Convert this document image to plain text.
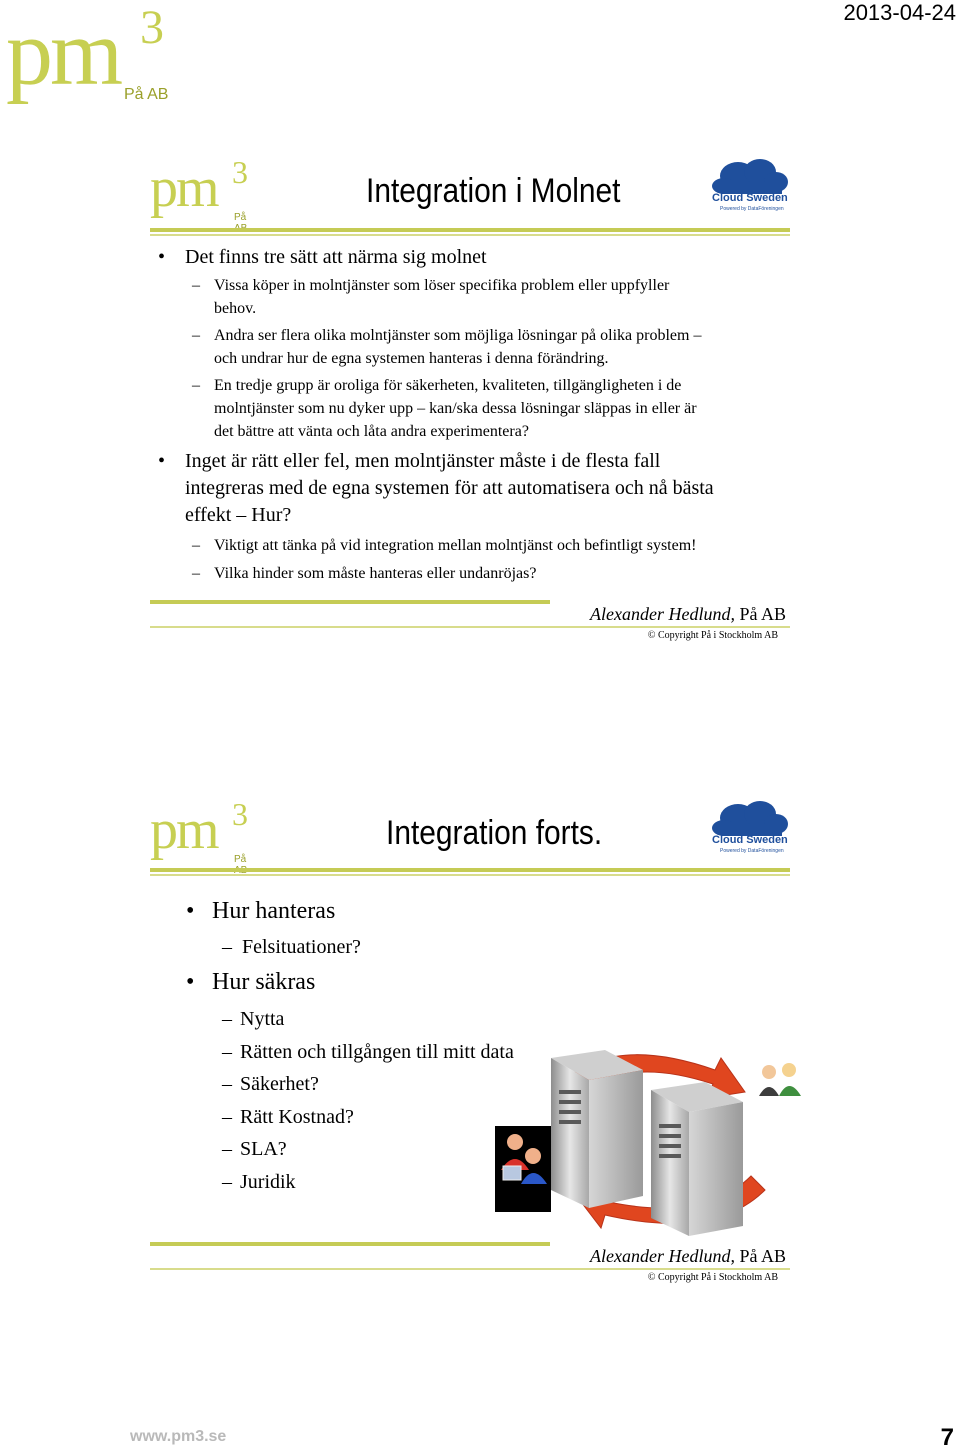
pm 3
På AB
2013-04-24
pm 3
På
Integration i Molnet	Cloud Sweden
Powered by DataFöreningen
• Det finns tre sätt att närma sig molnet
– Vissa köper in molntjänster som löser specifika problem eller uppfyller
behov.
– Andra ser flera olika molntjänster som möjliga lösningar på olika problem –
och undrar hur de egna systemen hanteras i denna förändring.
– En tredje grupp är oroliga för säkerheten, kvaliteten, tillgängligheten i de
molntjänster som nu dyker upp – kan/ska dessa lösningar släppas in eller är
det bättre att vänta och låta andra experimentera?
• Inget är rätt eller fel, men molntjänster måste i de flesta fall
integreras med de egna systemen för att automatisera och nå bästa
effekt – Hur?
– Viktigt att tänka på vid integration mellan molntjänst och befintligt system!
– Vilka hinder som måste hanteras eller undanröjas?
Alexander Hedlund, På AB
© Copyright På i Stockholm AB
pm 3
På
Integration forts.	Cloud Sweden
Powered by DataFöreningen
• Hur hanteras
– Felsituationer?
• Hur säkras
– Nytta
– Rätten och tillgången till mitt data
– Säkerhet?
– Rätt Kostnad?
– SLA?
– Juridik
Alexander Hedlund, På AB
© Copyright På i Stockholm AB
www.pm3.se	7
